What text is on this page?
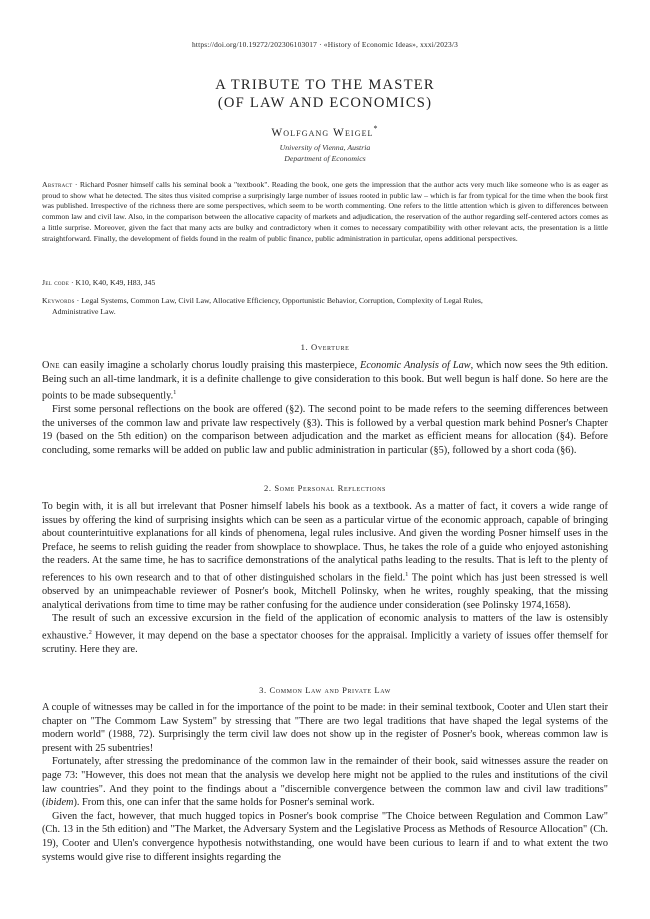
https://doi.org/10.19272/202306103017 · «History of Economic Ideas», xxxi/2023/3
A TRIBUTE TO THE MASTER
(OF LAW AND ECONOMICS)
Wolfgang Weigel*
University of Vienna, Austria
Department of Economics
Abstract · Richard Posner himself calls his seminal book a "textbook". Reading the book, one gets the impression that the author acts very much like someone who is as eager as proud to show what he detected. The sites thus visited comprise a surprisingly large number of issues rooted in public law – which is far from typical for the time when the book first was published. Irrespective of the richness there are some perspectives, which seem to be worth commenting. One refers to the little attention which is given to differences between common law and civil law. Also, in the comparison between the allocative capacity of markets and adjudication, the reservation of the author regarding self-centered actors comes as a little surprise. Moreover, given the fact that many acts are bulky and contradictory when it comes to necessary compatibility with other relevant acts, the presentation is a little straightforward. Finally, the development of fields found in the realm of public finance, public administration in particular, opens additional perspectives.
Jel code · K10, K40, K49, H83, J45
Keywords · Legal Systems, Common Law, Civil Law, Allocative Efficiency, Opportunistic Behavior, Corruption, Complexity of Legal Rules,
Administrative Law.
1. Overture

One can easily imagine a scholarly chorus loudly praising this masterpiece, Economic Analysis of Law, which now sees the 9th edition. Being such an all-time landmark, it is a definite challenge to give consideration to this book. But well begun is half done. So here are the points to be made subsequently.$^1$

First some personal reflections on the book are offered (§2). The second point to be made refers to the seeming differences between the universes of the common law and private law respectively (§3). This is followed by a verbal question mark behind Posner's Chapter 19 (based on the 5th edition) on the comparison between adjudication and the market as efficient means for allocation (§4). Before concluding, some remarks will be added on public law and public administration in particular (§5), followed by a short coda (§6).

2. Some Personal Reflections

To begin with, it is all but irrelevant that Posner himself labels his book as a textbook. As a matter of fact, it covers a wide range of issues by offering the kind of surprising insights which can be seen as a particular virtue of the economic approach, capable of bringing about counterintuitive explanations for all kinds of phenomena, legal rules inclusive. And given the wording Posner himself uses in the Preface, he seems to relish guiding the reader from showplace to showplace. Thus, he takes the role of a guide who enjoyed astonishing the readers. At the same time, he has to sacrifice demonstrations of the analytical paths leading to the results. That is left to the plenty of references to his own research and to that of other distinguished scholars in the field.$^1$ The point which has just been stressed is well observed by an unimpeachable reviewer of Posner's book, Mitchell Polinsky, when he writes, roughly speaking, that the missing analytical derivations from time to time may be rather confusing for the audience under consideration (see Polinsky 1974,1658).

The result of such an excessive excursion in the field of the application of economic analysis to matters of the law is ostensibly exhaustive.$^2$ However, it may depend on the base a spectator chooses for the appraisal. Implicitly a variety of issues offer themself for scrutiny. Here they are.

3. Common Law and Private Law

A couple of witnesses may be called in for the importance of the point to be made: in their seminal textbook, Cooter and Ulen start their chapter on "The Commom Law System" by stressing that "There are two legal traditions that have shaped the legal systems of the modern world" (1988, 72). Surprisingly the term civil law does not show up in the register of Posner's book, whereas common law is present with 25 subentries!

Fortunately, after stressing the predominance of the common law in the remainder of their book, said witnesses assure the reader on page 73: "However, this does not mean that the analysis we develop here might not be applied to the rules and institutions of the civil law countries". And they point to the findings about a "discernible convergence between the common law and civil law traditions" (ibidem). From this, one can infer that the same holds for Posner's seminal work.

Given the fact, however, that much hugged topics in Posner's book comprise "The Choice between Regulation and Common Law" (Ch. 13 in the 5th edition) and "The Market, the Adversary System and the Legislative Process as Methods of Resource Allocation" (Ch. 19), Cooter and Ulen's convergence hypothesis notwithstanding, one would have been curious to learn if and to what extent the two systems would give rise to different insights regarding the
